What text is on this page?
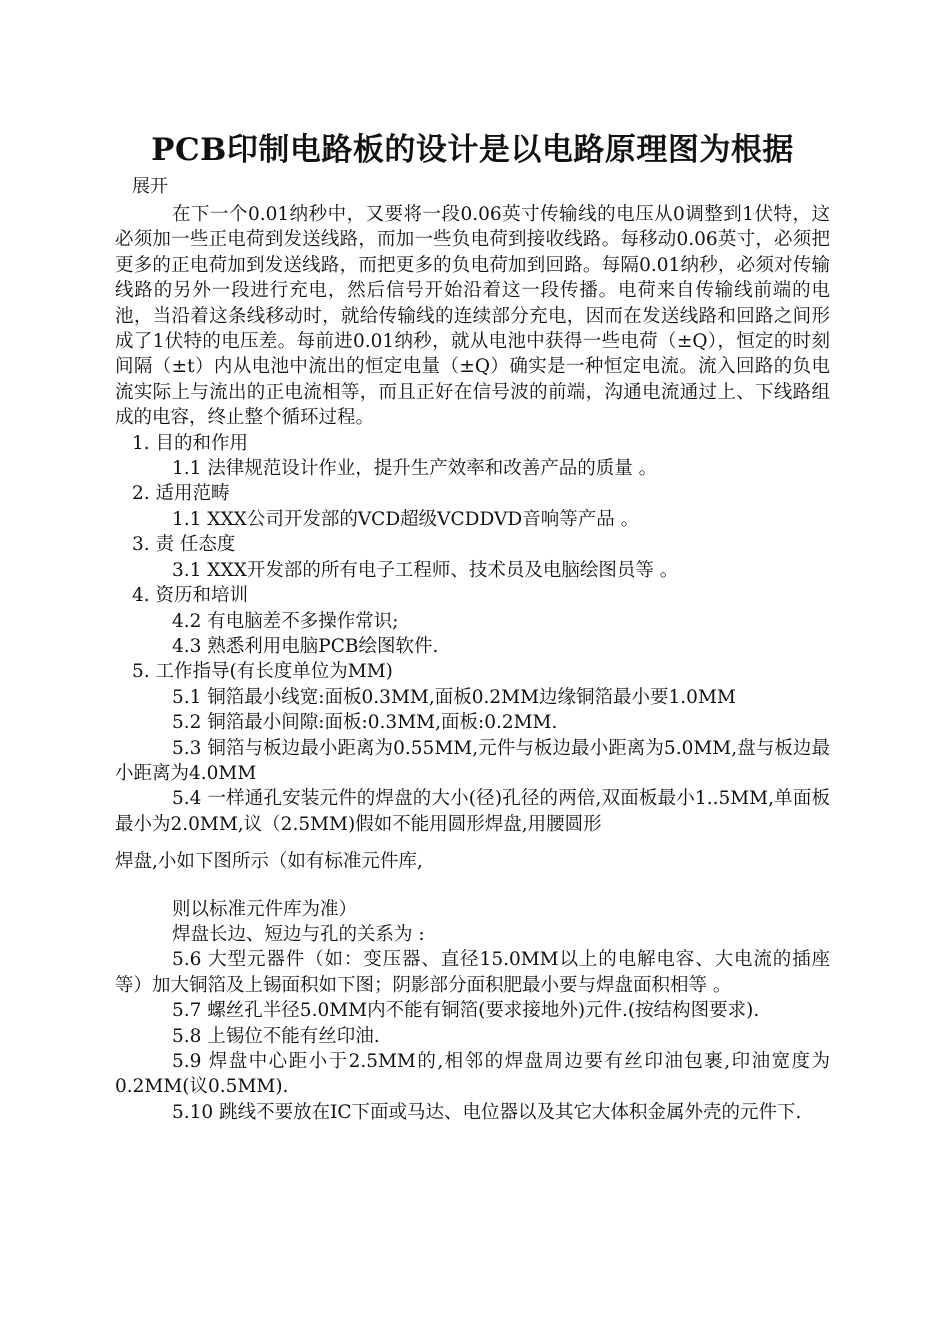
PCB印制电路板的设计是以电路原理图为根据
展开

在下一个0.01纳秒中，又要将一段0.06英寸传输线的电压从0调整到1伏特，这必须加一些正电荷到发送线路，而加一些负电荷到接收线路。每移动0.06英寸，必须把更多的正电荷加到发送线路，而把更多的负电荷加到回路。每隔0.01纳秒，必须对传输线路的另外一段进行充电，然后信号开始沿着这一段传播。电荷来自传输线前端的电池，当沿着这条线移动时，就给传输线的连续部分充电，因而在发送线路和回路之间形成了1伏特的电压差。每前进0.01纳秒，就从电池中获得一些电荷（±Q），恒定的时刻间隔（±t）内从电池中流出的恒定电量（±Q）确实是一种恒定电流。流入回路的负电流实际上与流出的正电流相等，而且正好在信号波的前端，沟通电流通过上、下线路组成的电容，终止整个循环过程。

1. 目的和作用

1.1 法律规范设计作业，提升生产效率和改善产品的质量 。

2. 适用范畴

1.1 XXX公司开发部的VCD超级VCDDVD音响等产品 。

3. 责 任态度

3.1 XXX开发部的所有电子工程师、技术员及电脑绘图员等 。

4. 资历和培训

4.2 有电脑差不多操作常识;

4.3 熟悉利用电脑PCB绘图软件.

5. 工作指导(有长度单位为MM)

5.1 铜箔最小线宽:面板0.3MM,面板0.2MM边缘铜箔最小要1.0MM

5.2 铜箔最小间隙:面板:0.3MM,面板:0.2MM.

5.3 铜箔与板边最小距离为0.55MM,元件与板边最小距离为5.0MM,盘与板边最小距离为4.0MM

5.4 一样通孔安装元件的焊盘的大小(径)孔径的两倍,双面板最小1..5MM,单面板最小为2.0MM,议（2.5MM)假如不能用圆形焊盘,用腰圆形

焊盘,小如下图所示（如有标准元件库,

则以标准元件库为准）

焊盘长边、短边与孔的关系为 :

5.6 大型元器件（如：变压器、直径15.0MM以上的电解电容、大电流的插座等）加大铜箔及上锡面积如下图；阴影部分面积肥最小要与焊盘面积相等 。

5.7 螺丝孔半径5.0MM内不能有铜箔(要求接地外)元件.(按结构图要求).

5.8 上锡位不能有丝印油.

5.9 焊盘中心距小于2.5MM的,相邻的焊盘周边要有丝印油包裹,印油宽度为0.2MM(议0.5MM).

5.10 跳线不要放在IC下面或马达、电位器以及其它大体积金属外壳的元件下.
